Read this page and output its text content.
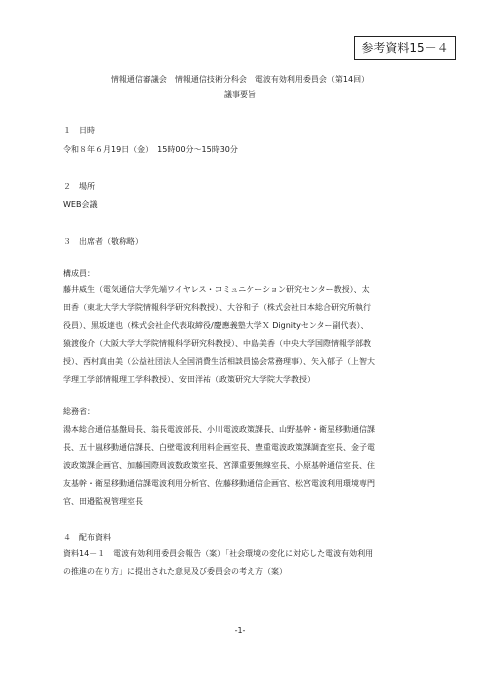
参考資料15－４
情報通信審議会　情報通信技術分科会　電波有効利用委員会（第14回）
議事要旨
１　日時
令和８年６月19日（金）　15時00分～15時30分
２　場所
WEB会議
３　出席者（敬称略）
構成員：
藤井威生（電気通信大学先端ワイヤレス・コミュニケーション研究センター教授）、太
田香（東北大学大学院情報科学研究科教授）、大谷和子（株式会社日本総合研究所執行
役員）、黒坂達也（株式会社企代表取締役/慶應義塾大学Ｘ Dignityセンター副代表）、
猿渡俊介（大阪大学大学院情報科学研究科教授）、中島美香（中央大学国際情報学部教
授）、西村真由美（公益社団法人全国消費生活相談員協会常務理事）、矢入郁子（上智大
学理工学部情報理工学科教授）、安田洋祐（政策研究大学院大学教授）
総務省：
湯本総合通信基盤局長、翁長電波部長、小川電波政策課長、山野基幹・衛星移動通信課
長、五十嵐移動通信課長、白壁電波利用料企画室長、豊重電波政策課調査室長、金子電
波政策課企画官、加藤国際周波数政策室長、宮澤重要無線室長、小原基幹通信室長、住
友基幹・衛星移動通信課電波利用分析官、佐藤移動通信企画官、松宮電波利用環境専門
官、田邉監視管理室長
４　配布資料
資料14－１　電波有効利用委員会報告（案）「社会環境の変化に対応した電波有効利用
の推進の在り方」に提出された意見及び委員会の考え方（案）
-1-
